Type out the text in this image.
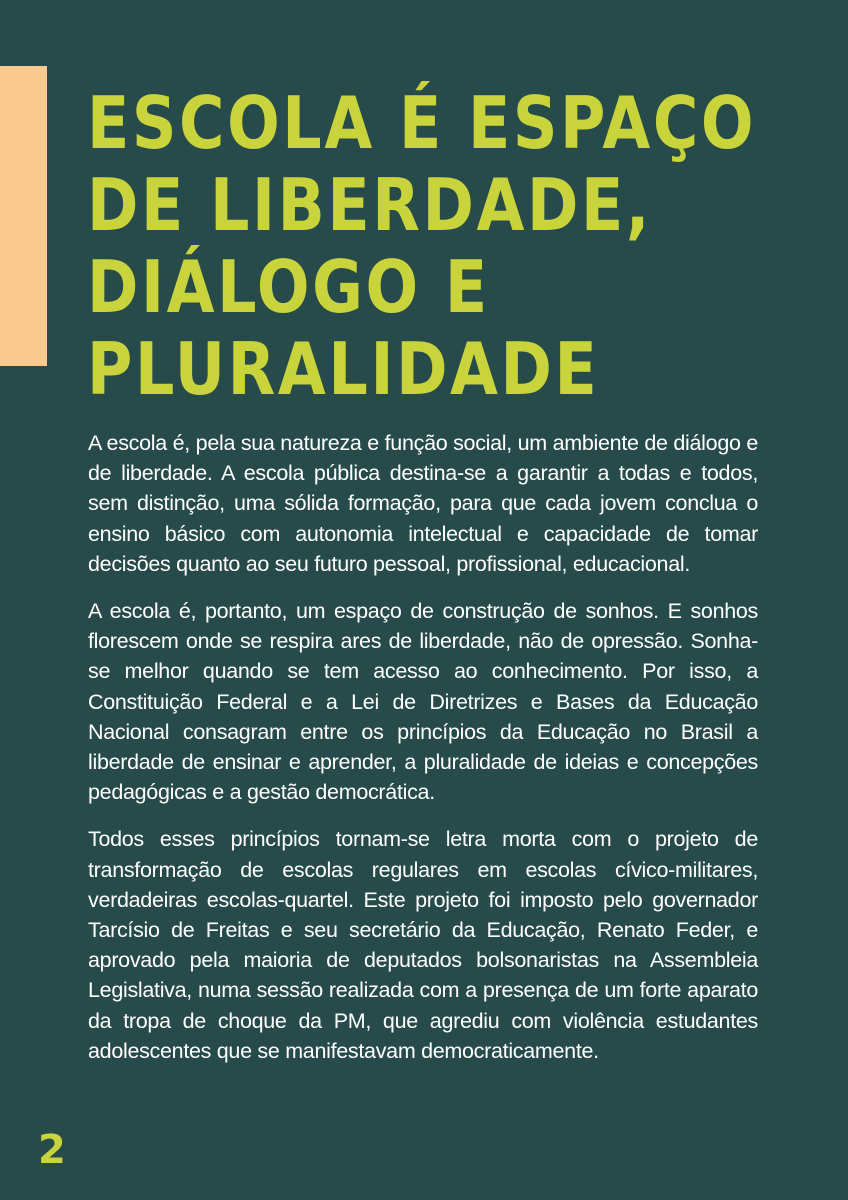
ESCOLA É ESPAÇO
DE LIBERDADE,
DIÁLOGO E
PLURALIDADE

A escola é, pela sua natureza e função social, um ambiente de diálogo e de liberdade. A escola pública destina-se a garantir a todas e todos, sem distinção, uma sólida formação, para que cada jovem conclua o ensino básico com autonomia intelectual e capacidade de tomar decisões quanto ao seu futuro pessoal, profissional, educacional.

A escola é, portanto, um espaço de construção de sonhos. E sonhos florescem onde se respira ares de liberdade, não de opressão. Sonha-se melhor quando se tem acesso ao conhecimento. Por isso, a Constituição Federal e a Lei de Diretrizes e Bases da Educação Nacional consagram entre os princípios da Educação no Brasil a liberdade de ensinar e aprender, a pluralidade de ideias e concepções pedagógicas e a gestão democrática.

Todos esses princípios tornam-se letra morta com o projeto de transformação de escolas regulares em escolas cívico-militares, verdadeiras escolas-quartel. Este projeto foi imposto pelo governador Tarcísio de Freitas e seu secretário da Educação, Renato Feder, e aprovado pela maioria de deputados bolsonaristas na Assembleia Legislativa, numa sessão realizada com a presença de um forte aparato da tropa de choque da PM, que agrediu com violência estudantes adolescentes que se manifestavam democraticamente.

2
